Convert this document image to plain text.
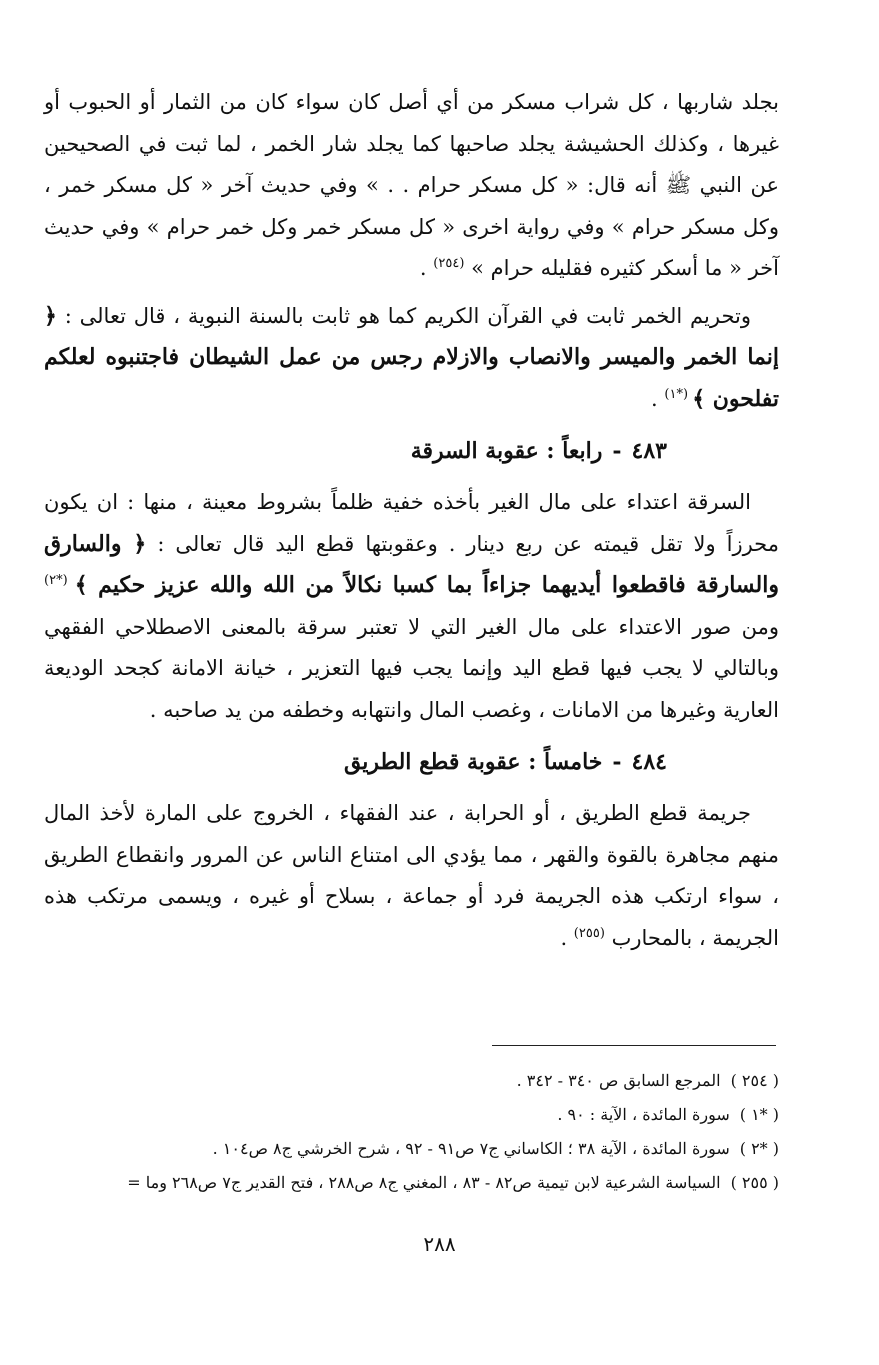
بجلد شاربها ، كل شراب مسكر من أي أصل كان سواء كان من الثمار أو الحبوب أو غيرها ، وكذلك الحشيشة يجلد صاحبها كما يجلد شار الخمر ، لما ثبت في الصحيحين عن النبي ﷺ أنه قال: « كل مسكر حرام . . » وفي حديث آخر « كل مسكر خمر ، وكل مسكر حرام » وفي رواية اخرى « كل مسكر خمر وكل خمر حرام » وفي حديث آخر « ما أسكر كثيره فقليله حرام » $^{(٢٥٤)}$ .

وتحريم الخمر ثابت في القرآن الكريم كما هو ثابت بالسنة النبوية ، قال تعالى : ﴿ إنما الخمر والميسر والانصاب والازلام رجس من عمل الشيطان فاجتنبوه لعلكم تفلحون ﴾ $^{(*١)}$ .

٤٨٣-رابعاً : عقوبة السرقة

السرقة اعتداء على مال الغير بأخذه خفية ظلماً بشروط معينة ، منها : ان يكون محرزاً ولا تقل قيمته عن ربع دينار . وعقوبتها قطع اليد قال تعالى : ﴿ والسارق والسارقة فاقطعوا أيديهما جزاءاً بما كسبا نكالاً من الله والله عزيز حكيم ﴾ $^{(*٢)}$ ومن صور الاعتداء على مال الغير التي لا تعتبر سرقة بالمعنى الاصطلاحي الفقهي وبالتالي لا يجب فيها قطع اليد وإنما يجب فيها التعزير ، خيانة الامانة كجحد الوديعة العارية وغيرها من الامانات ، وغصب المال وانتهابه وخطفه من يد صاحبه .

٤٨٤-خامساً : عقوبة قطع الطريق

جريمة قطع الطريق ، أو الحرابة ، عند الفقهاء ، الخروج على المارة لأخذ المال منهم مجاهرة بالقوة والقهر ، مما يؤدي الى امتناع الناس عن المرور وانقطاع الطريق ، سواء ارتكب هذه الجريمة فرد أو جماعة ، بسلاح أو غيره ، ويسمى مرتكب هذه الجريمة ، بالمحارب $^{(٢٥٥)}$ .

( ٢٥٤ )المرجع السابق ص ٣٤٠ - ٣٤٢ .

( *١ )سورة المائدة ، الآية : ٩٠ .

( *٢ )سورة المائدة ، الآية ٣٨ ؛ الكاساني ج٧ ص٩١ - ٩٢ ، شرح الخرشي ج٨ ص١٠٤ .

( ٢٥٥ )السياسة الشرعية لابن تيمية ص٨٢ - ٨٣ ، المغني ج٨ ص٢٨٨ ، فتح القدير ج٧ ص٢٦٨ وما =

٢٨٨
